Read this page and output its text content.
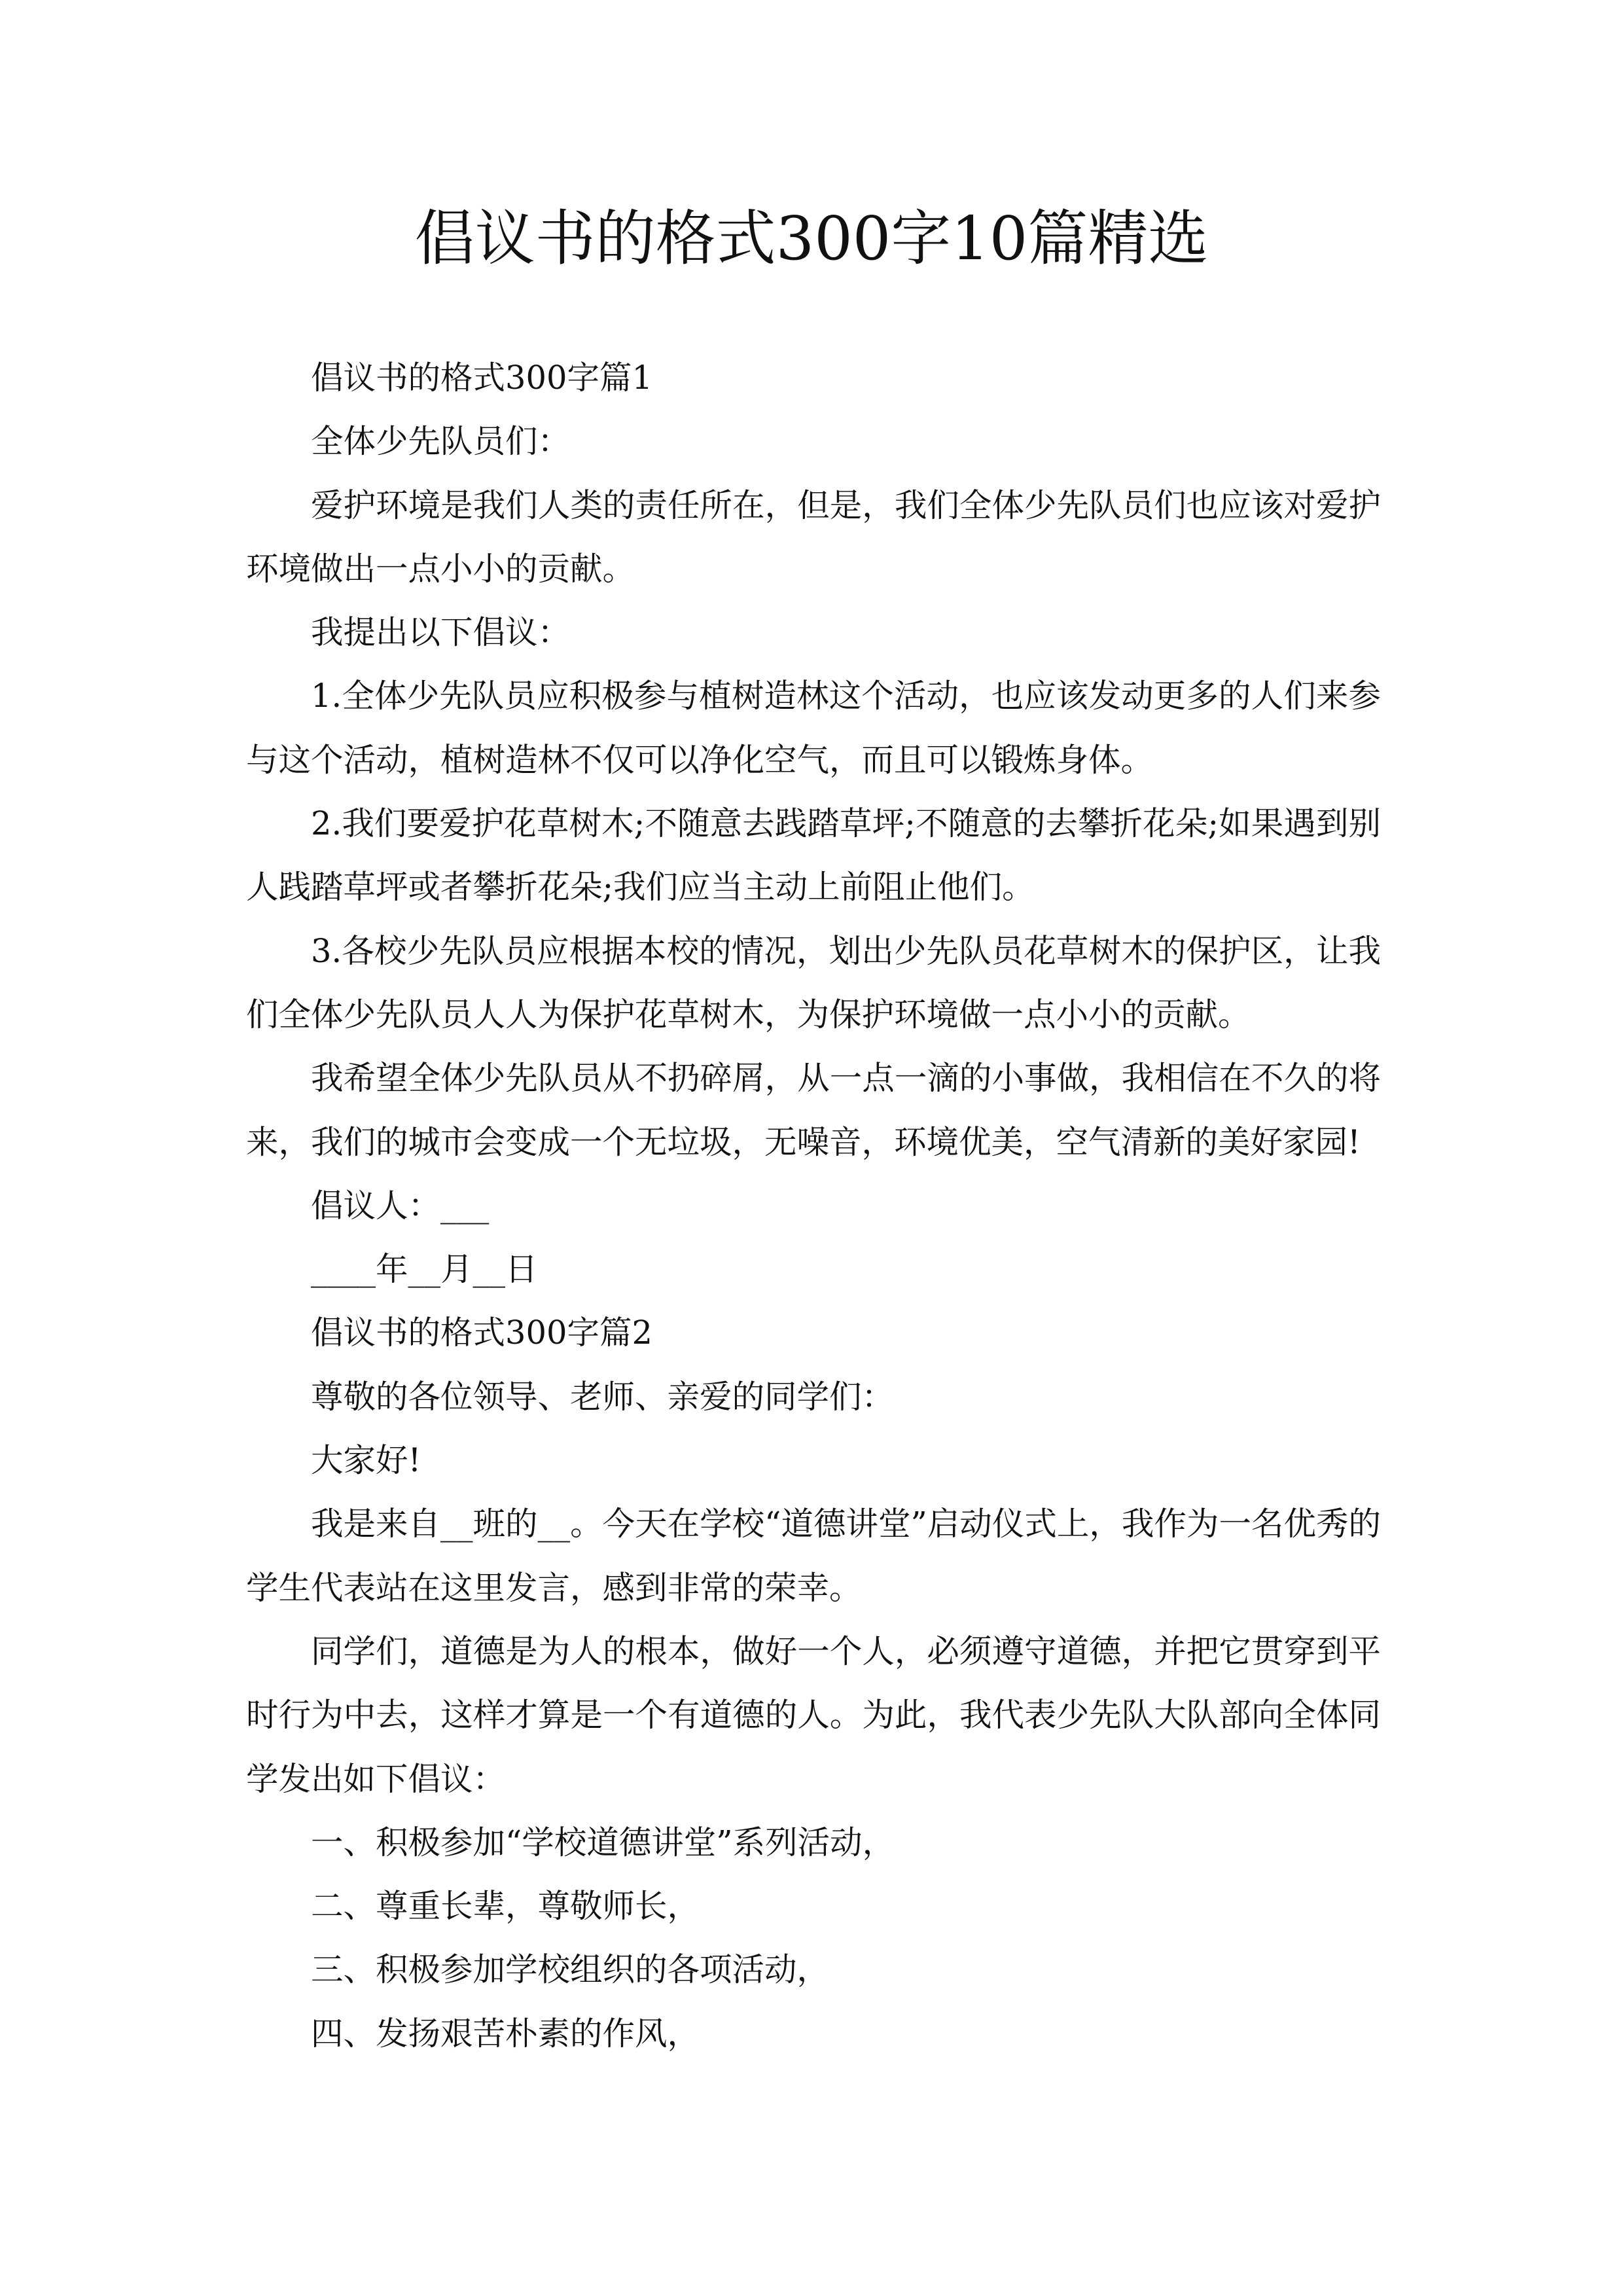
倡议书的格式300字10篇精选

倡议书的格式300字篇1

全体少先队员们：

爱护环境是我们人类的责任所在，但是，我们全体少先队员们也应该对爱护环境做出一点小小的贡献。

我提出以下倡议：

1.全体少先队员应积极参与植树造林这个活动，也应该发动更多的人们来参与这个活动，植树造林不仅可以净化空气，而且可以锻炼身体。

2.我们要爱护花草树木;不随意去践踏草坪;不随意的去攀折花朵;如果遇到别人践踏草坪或者攀折花朵;我们应当主动上前阻止他们。

3.各校少先队员应根据本校的情况，划出少先队员花草树木的保护区，让我们全体少先队员人人为保护花草树木，为保护环境做一点小小的贡献。

我希望全体少先队员从不扔碎屑，从一点一滴的小事做，我相信在不久的将来，我们的城市会变成一个无垃圾，无噪音，环境优美，空气清新的美好家园!

倡议人：___

____年__月__日

倡议书的格式300字篇2

尊敬的各位领导、老师、亲爱的同学们：

大家好!

我是来自__班的__。今天在学校“道德讲堂”启动仪式上，我作为一名优秀的学生代表站在这里发言，感到非常的荣幸。

同学们，道德是为人的根本，做好一个人，必须遵守道德，并把它贯穿到平时行为中去，这样才算是一个有道德的人。为此，我代表少先队大队部向全体同学发出如下倡议：

一、积极参加“学校道德讲堂”系列活动，

二、尊重长辈，尊敬师长，

三、积极参加学校组织的各项活动，

四、发扬艰苦朴素的作风，
